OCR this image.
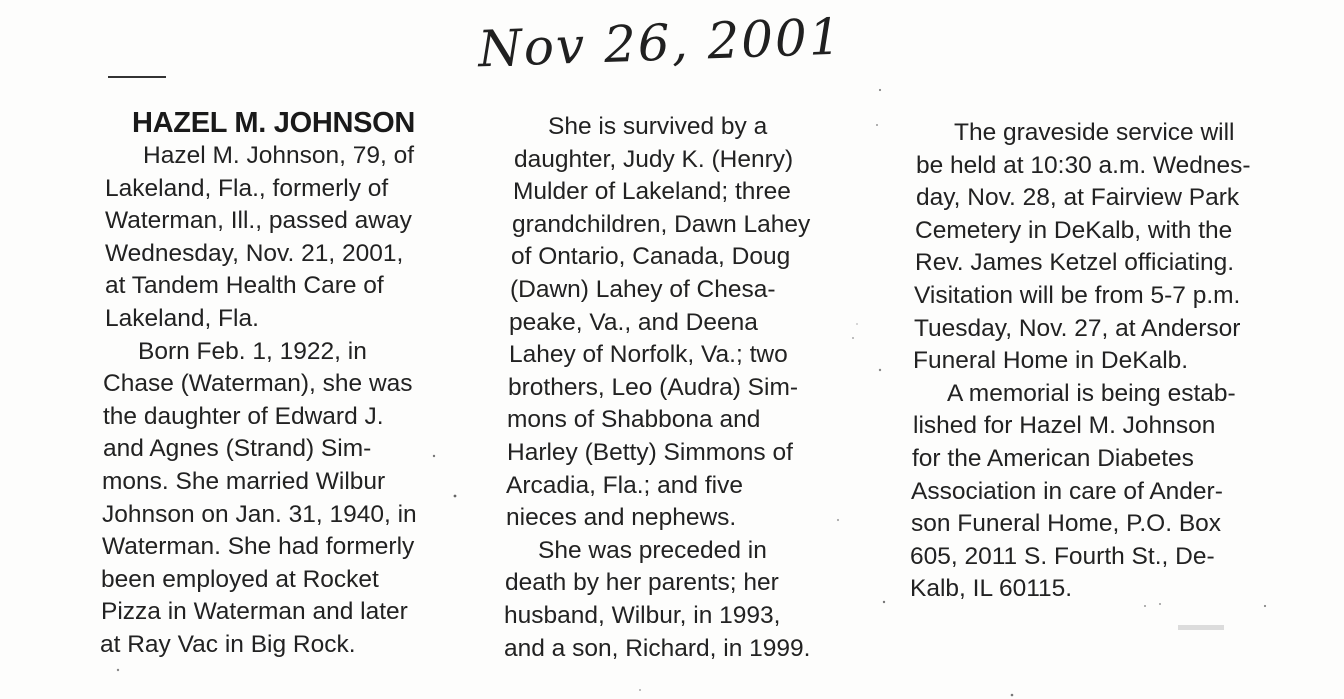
Nov 26, 2001
HAZEL M. JOHNSON
Hazel M. Johnson, 79, of
Lakeland, Fla., formerly of
Waterman, Ill., passed away
Wednesday, Nov. 21, 2001,
at Tandem Health Care of
Lakeland, Fla.
Born Feb. 1, 1922, in
Chase (Waterman), she was
the daughter of Edward J.
and Agnes (Strand) Sim-
mons. She married Wilbur
Johnson on Jan. 31, 1940, in
Waterman. She had formerly
been employed at Rocket
Pizza in Waterman and later
at Ray Vac in Big Rock.
She is survived by a
daughter, Judy K. (Henry)
Mulder of Lakeland; three
grandchildren, Dawn Lahey
of Ontario, Canada, Doug
(Dawn) Lahey of Chesa-
peake, Va., and Deena
Lahey of Norfolk, Va.; two
brothers, Leo (Audra) Sim-
mons of Shabbona and
Harley (Betty) Simmons of
Arcadia, Fla.; and five
nieces and nephews.
She was preceded in
death by her parents; her
husband, Wilbur, in 1993,
and a son, Richard, in 1999.
The graveside service will
be held at 10:30 a.m. Wednes-
day, Nov. 28, at Fairview Park
Cemetery in DeKalb, with the
Rev. James Ketzel officiating.
Visitation will be from 5-7 p.m.
Tuesday, Nov. 27, at Andersor
Funeral Home in DeKalb.
A memorial is being estab-
lished for Hazel M. Johnson
for the American Diabetes
Association in care of Ander-
son Funeral Home, P.O. Box
605, 2011 S. Fourth St., De-
Kalb, IL 60115.
